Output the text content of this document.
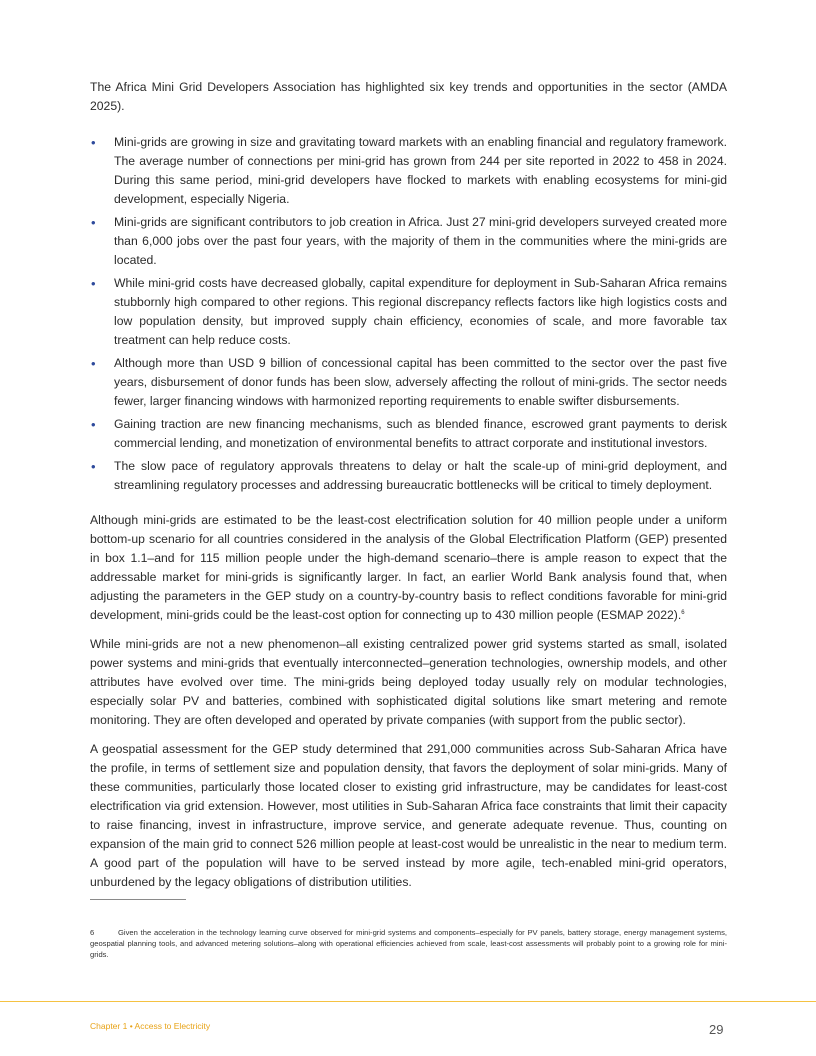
The Africa Mini Grid Developers Association has highlighted six key trends and opportunities in the sector (AMDA 2025).

• Mini-grids are growing in size and gravitating toward markets with an enabling financial and regulatory framework. The average number of connections per mini-grid has grown from 244 per site reported in 2022 to 458 in 2024. During this same period, mini-grid developers have flocked to markets with enabling ecosystems for mini-gid development, especially Nigeria.
• Mini-grids are significant contributors to job creation in Africa. Just 27 mini-grid developers surveyed created more than 6,000 jobs over the past four years, with the majority of them in the communities where the mini-grids are located.
• While mini-grid costs have decreased globally, capital expenditure for deployment in Sub-Saharan Africa remains stubbornly high compared to other regions. This regional discrepancy reflects factors like high logistics costs and low population density, but improved supply chain efficiency, economies of scale, and more favorable tax treatment can help reduce costs.
• Although more than USD 9 billion of concessional capital has been committed to the sector over the past five years, disbursement of donor funds has been slow, adversely affecting the rollout of mini-grids. The sector needs fewer, larger financing windows with harmonized reporting requirements to enable swifter disbursements.
• Gaining traction are new financing mechanisms, such as blended finance, escrowed grant payments to derisk commercial lending, and monetization of environmental benefits to attract corporate and institutional investors.
• The slow pace of regulatory approvals threatens to delay or halt the scale-up of mini-grid deployment, and streamlining regulatory processes and addressing bureaucratic bottlenecks will be critical to timely deployment.

Although mini-grids are estimated to be the least-cost electrification solution for 40 million people under a uniform bottom-up scenario for all countries considered in the analysis of the Global Electrification Platform (GEP) presented in box 1.1–and for 115 million people under the high-demand scenario–there is ample reason to expect that the addressable market for mini-grids is significantly larger. In fact, an earlier World Bank analysis found that, when adjusting the parameters in the GEP study on a country-by-country basis to reflect conditions favorable for mini-grid development, mini-grids could be the least-cost option for connecting up to 430 million people (ESMAP 2022).$^6$

While mini-grids are not a new phenomenon–all existing centralized power grid systems started as small, isolated power systems and mini-grids that eventually interconnected–generation technologies, ownership models, and other attributes have evolved over time. The mini-grids being deployed today usually rely on modular technologies, especially solar PV and batteries, combined with sophisticated digital solutions like smart metering and remote monitoring. They are often developed and operated by private companies (with support from the public sector).

A geospatial assessment for the GEP study determined that 291,000 communities across Sub-Saharan Africa have the profile, in terms of settlement size and population density, that favors the deployment of solar mini-grids. Many of these communities, particularly those located closer to existing grid infrastructure, may be candidates for least-cost electrification via grid extension. However, most utilities in Sub-Saharan Africa face constraints that limit their capacity to raise financing, invest in infrastructure, improve service, and generate adequate revenue. Thus, counting on expansion of the main grid to connect 526 million people at least-cost would be unrealistic in the near to medium term. A good part of the population will have to be served instead by more agile, tech-enabled mini-grid operators, unburdened by the legacy obligations of distribution utilities.

6	Given the acceleration in the technology learning curve observed for mini-grid systems and components–especially for PV panels, battery storage, energy management systems, geospatial planning tools, and advanced metering solutions–along with operational efficiencies achieved from scale, least-cost assessments will probably point to a growing role for mini-grids.
Chapter 1 • Access to Electricity	29
